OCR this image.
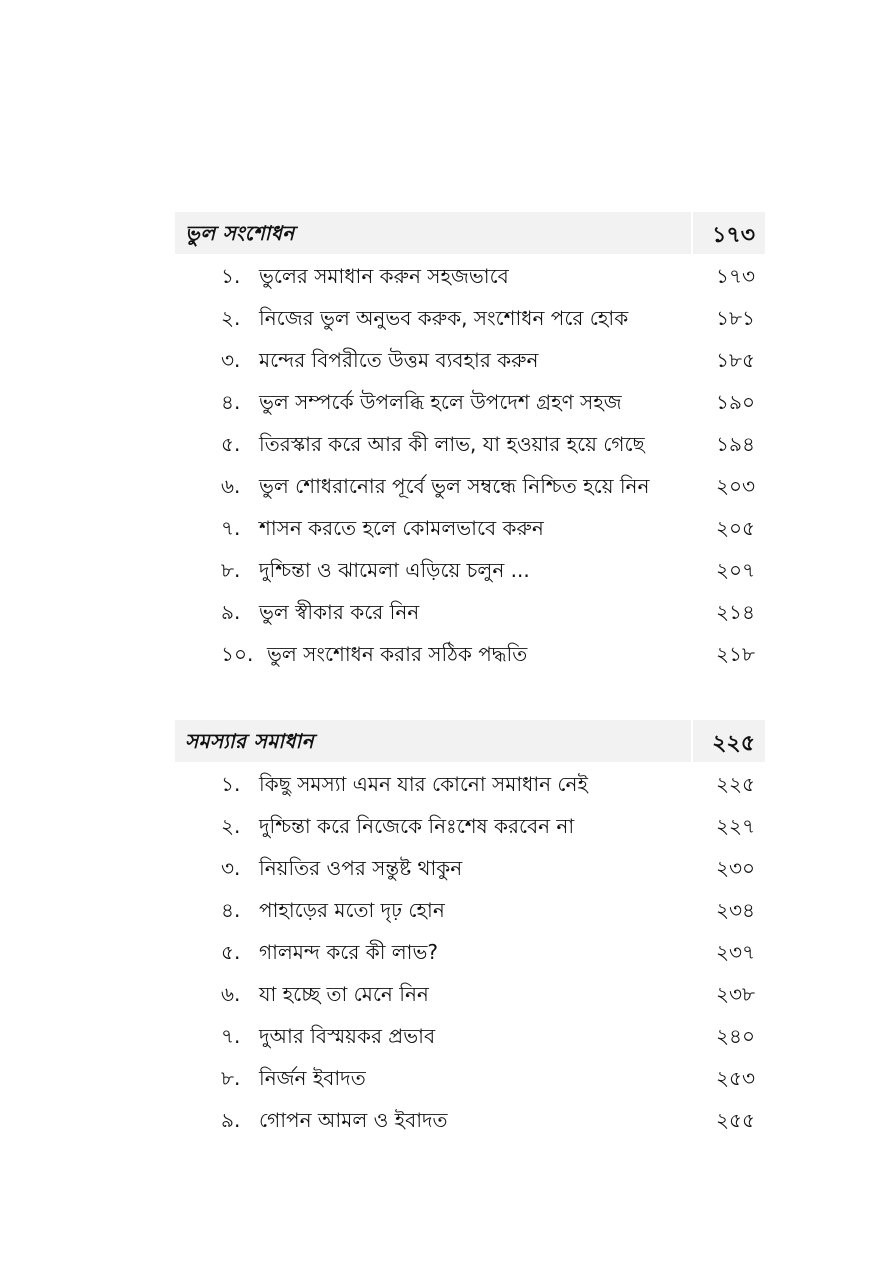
ভুল সংশোধন	১৭৩
১. ভুলের সমাধান করুন সহজভাবে	১৭৩
২. নিজের ভুল অনুভব করুক, সংশোধন পরে হোক	১৮১
৩. মন্দের বিপরীতে উত্তম ব্যবহার করুন	১৮৫
৪. ভুল সম্পর্কে উপলব্ধি হলে উপদেশ গ্রহণ সহজ	১৯০
৫. তিরস্কার করে আর কী লাভ, যা হওয়ার হয়ে গেছে	১৯৪
৬. ভুল শোধরানোর পূর্বে ভুল সম্বন্ধে নিশ্চিত হয়ে নিন	২০৩
৭. শাসন করতে হলে কোমলভাবে করুন	২০৫
৮. দুশ্চিন্তা ও ঝামেলা এড়িয়ে চলুন ...	২০৭
৯. ভুল স্বীকার করে নিন	২১৪
১০. ভুল সংশোধন করার সঠিক পদ্ধতি	২১৮
সমস্যার সমাধান	২২৫
১. কিছু সমস্যা এমন যার কোনো সমাধান নেই	২২৫
২. দুশ্চিন্তা করে নিজেকে নিঃশেষ করবেন না	২২৭
৩. নিয়তির ওপর সন্তুষ্ট থাকুন	২৩০
৪. পাহাড়ের মতো দৃঢ় হোন	২৩৪
৫. গালমন্দ করে কী লাভ?	২৩৭
৬. যা হচ্ছে তা মেনে নিন	২৩৮
৭. দুআর বিস্ময়কর প্রভাব	২৪০
৮. নির্জন ইবাদত	২৫৩
৯. গোপন আমল ও ইবাদত	২৫৫
